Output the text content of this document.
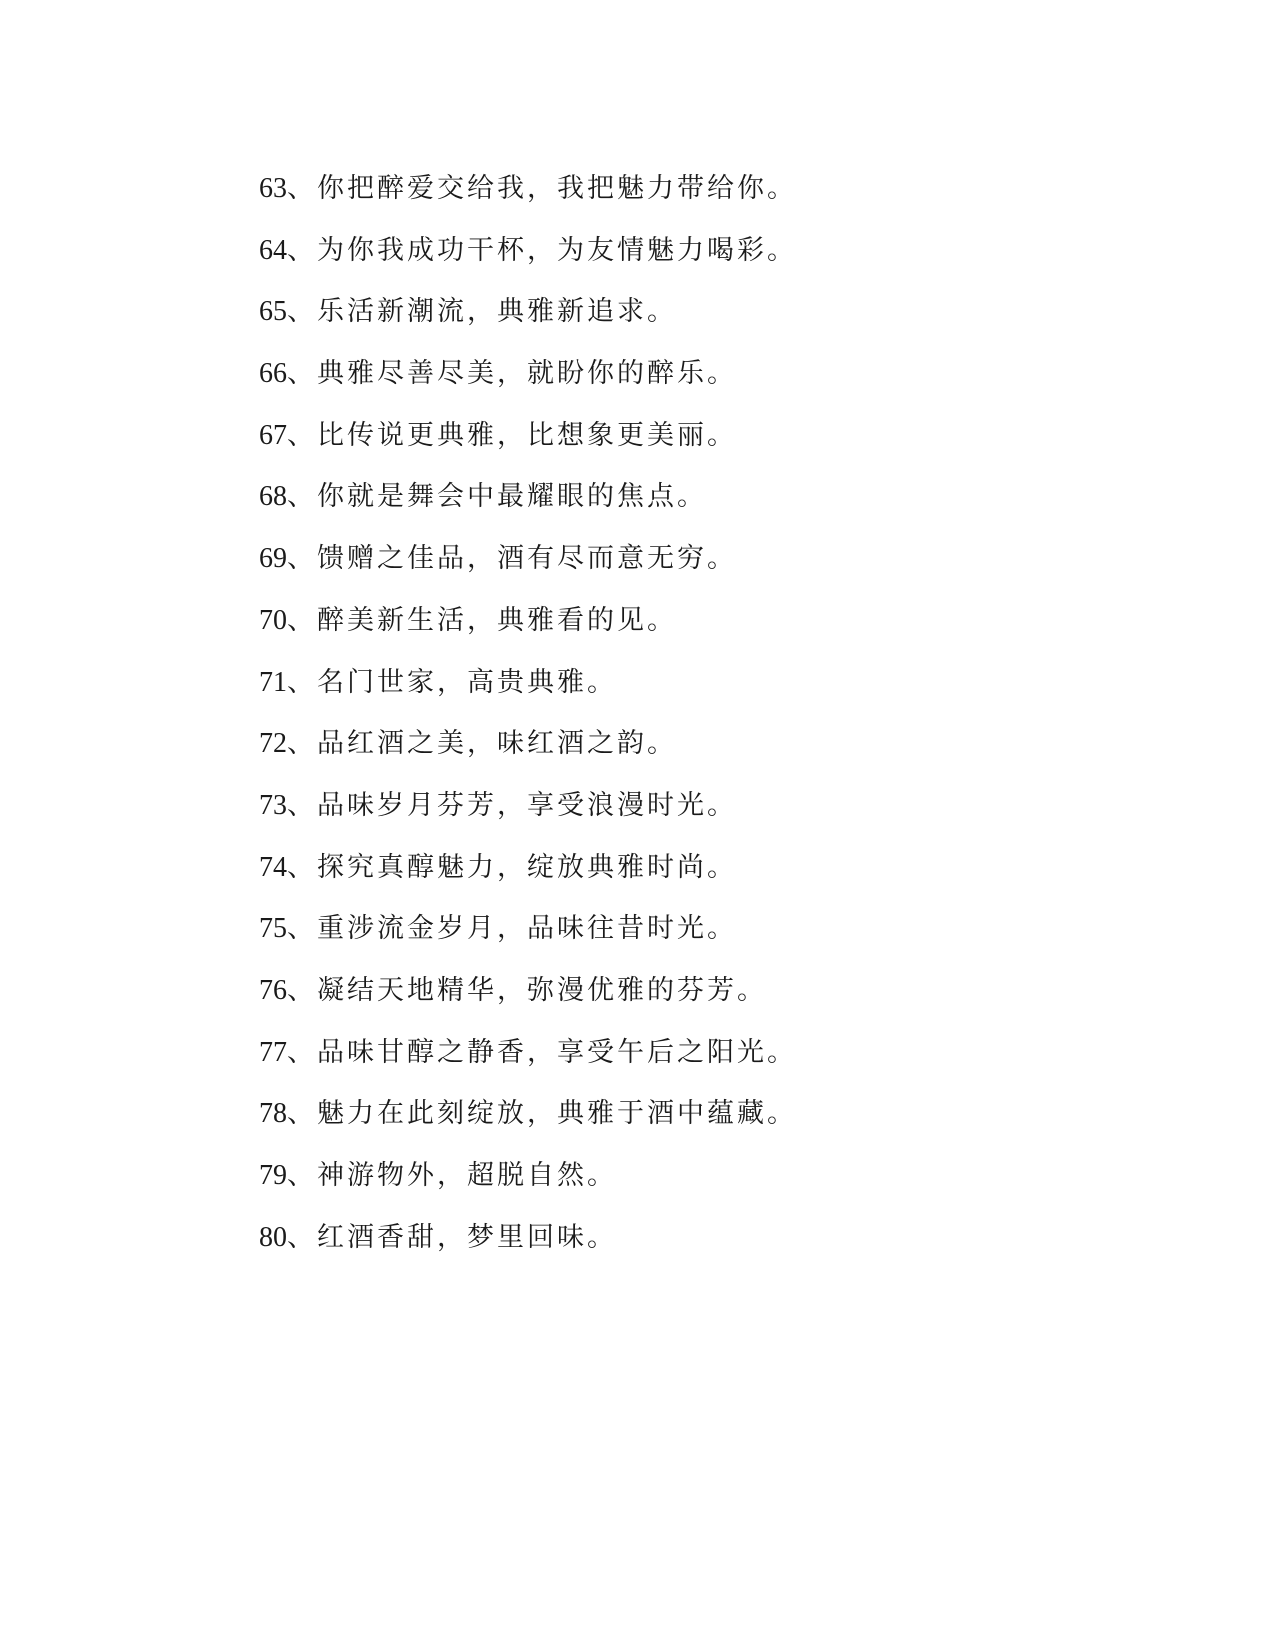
63、你把醉爱交给我，我把魅力带给你。
64、为你我成功干杯，为友情魅力喝彩。
65、乐活新潮流，典雅新追求。
66、典雅尽善尽美，就盼你的醉乐。
67、比传说更典雅，比想象更美丽。
68、你就是舞会中最耀眼的焦点。
69、馈赠之佳品，酒有尽而意无穷。
70、醉美新生活，典雅看的见。
71、名门世家，高贵典雅。
72、品红酒之美，味红酒之韵。
73、品味岁月芬芳，享受浪漫时光。
74、探究真醇魅力，绽放典雅时尚。
75、重涉流金岁月，品味往昔时光。
76、凝结天地精华，弥漫优雅的芬芳。
77、品味甘醇之静香，享受午后之阳光。
78、魅力在此刻绽放，典雅于酒中蕴藏。
79、神游物外，超脱自然。
80、红酒香甜，梦里回味。
